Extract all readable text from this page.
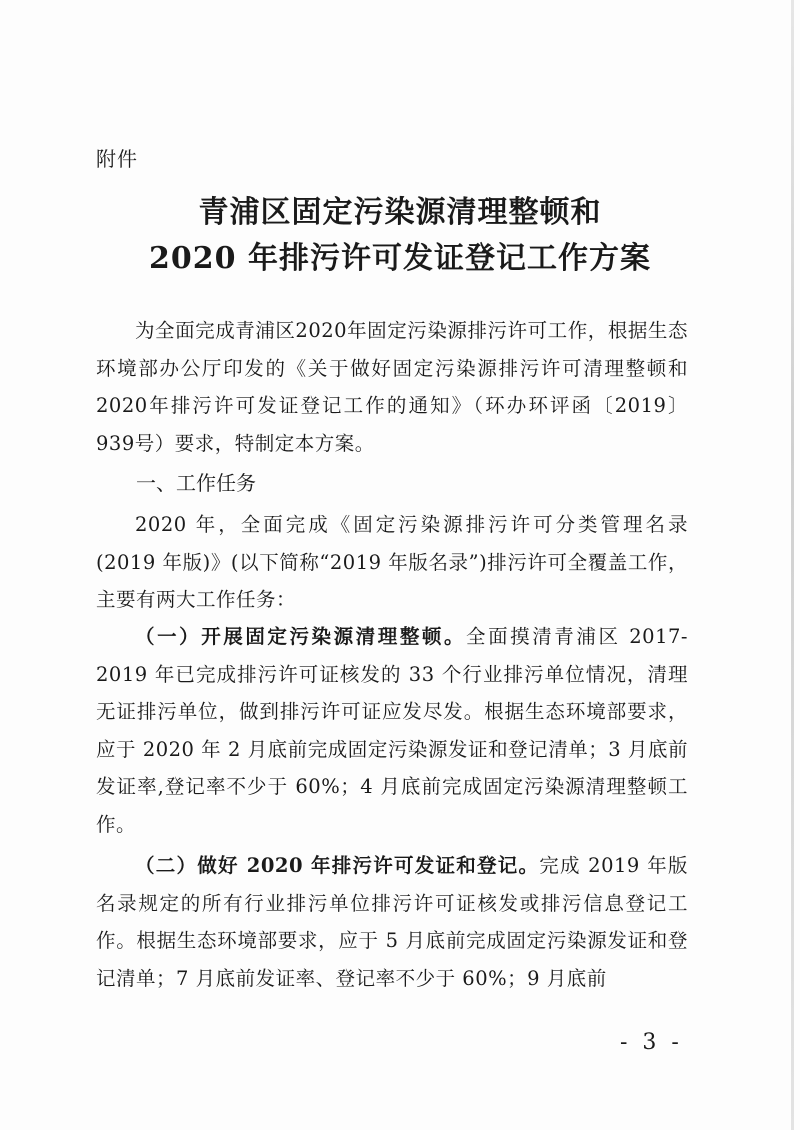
附件
青浦区固定污染源清理整顿和
2020 年排污许可发证登记工作方案

为全面完成青浦区2020年固定污染源排污许可工作，根据生态环境部办公厅印发的《关于做好固定污染源排污许可清理整顿和2020年排污许可发证登记工作的通知》（环办环评函〔2019〕939号）要求，特制定本方案。

一、工作任务

2020 年，全面完成《固定污染源排污许可分类管理名录(2019 年版)》(以下简称“2019 年版名录”)排污许可全覆盖工作，主要有两大工作任务：

（一）开展固定污染源清理整顿。全面摸清青浦区 2017-2019 年已完成排污许可证核发的 33 个行业排污单位情况，清理无证排污单位，做到排污许可证应发尽发。根据生态环境部要求，应于 2020 年 2 月底前完成固定污染源发证和登记清单；3 月底前发证率,登记率不少于 60%；4 月底前完成固定污染源清理整顿工作。

（二）做好 2020 年排污许可发证和登记。完成 2019 年版名录规定的所有行业排污单位排污许可证核发或排污信息登记工作。根据生态环境部要求，应于 5 月底前完成固定污染源发证和登记清单；7 月底前发证率、登记率不少于 60%；9 月底前

- 3 -
